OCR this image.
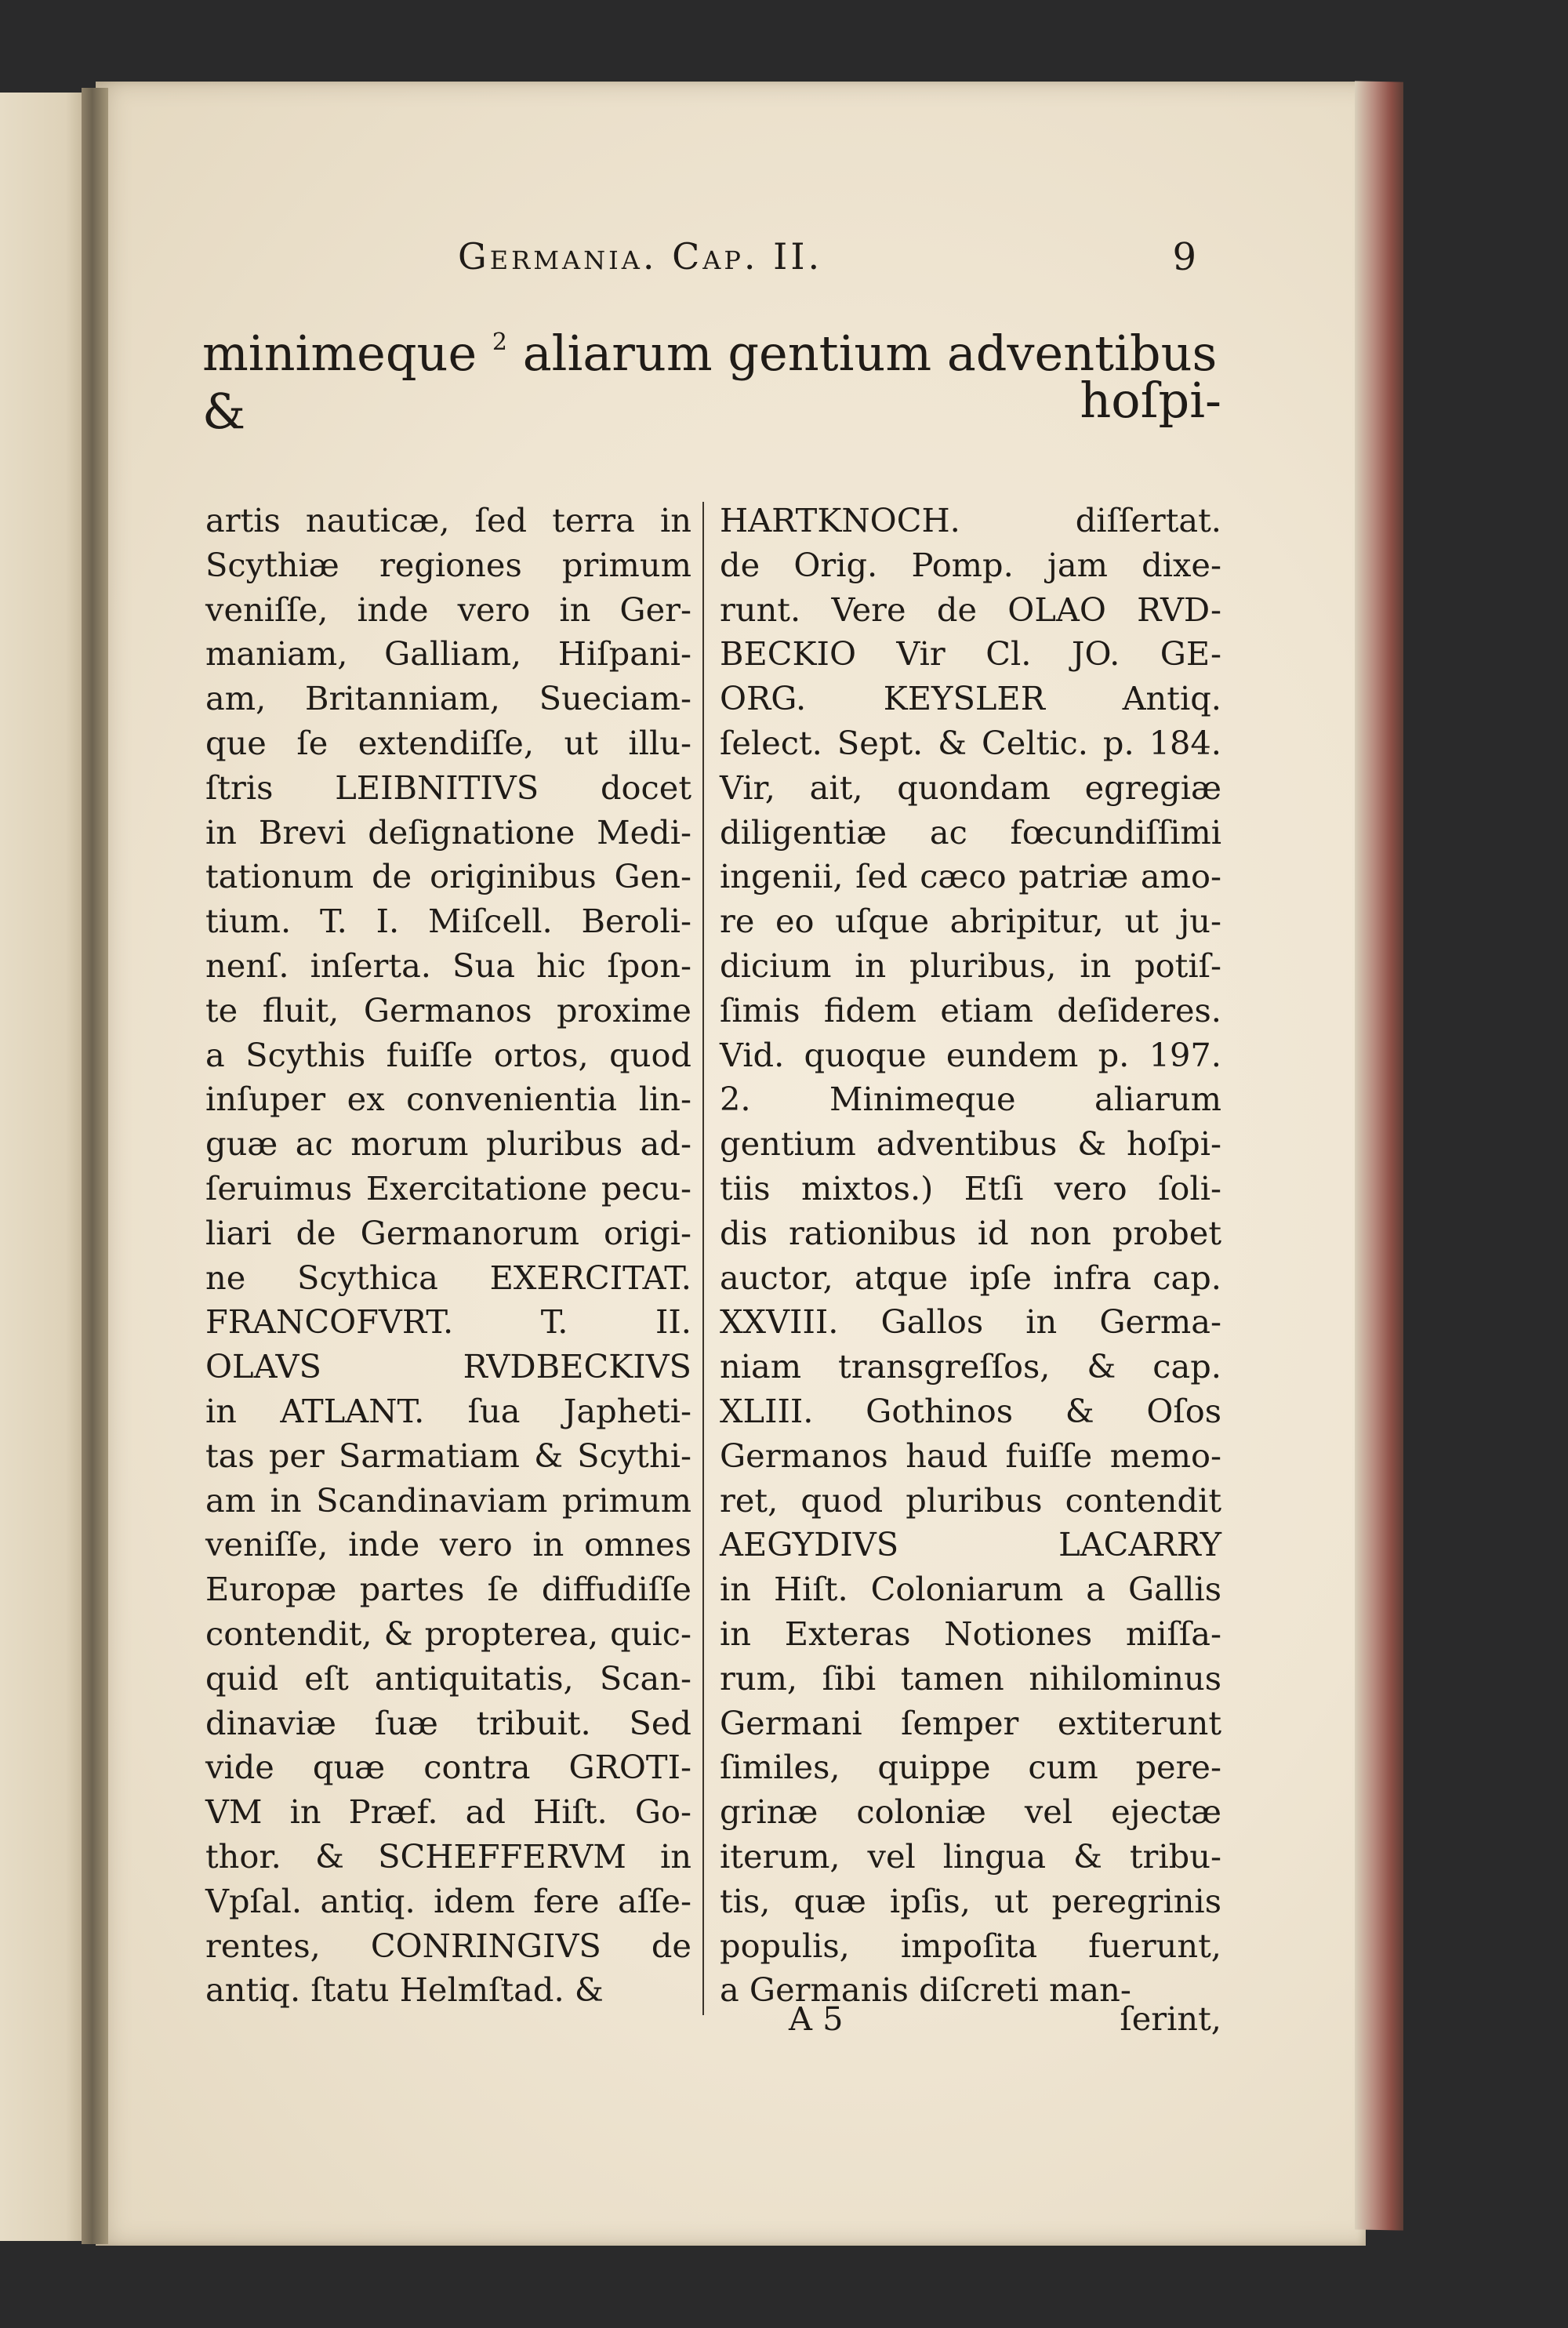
Germania. Cap. II.	9
minimeque $^2$ aliarum gentium adventibus &	hoſpi-
artis nauticæ, ſed terra in
Scythiæ regiones primum
veniſſe, inde vero in Ger-
maniam, Galliam, Hiſpani-
am, Britanniam, Sueciam-
que ſe extendiſſe, ut illu-
ſtris LEIBNITIVS docet
in Brevi deſignatione Medi-
tationum de originibus Gen-
tium. T. I. Miſcell. Beroli-
nenſ. inſerta. Sua hic ſpon-
te fluit, Germanos proxime
a Scythis fuiſſe ortos, quod
inſuper ex convenientia lin-
guæ ac morum pluribus ad-
ſeruimus Exercitatione pecu-
liari de Germanorum origi-
ne Scythica EXERCITAT.
FRANCOFVRT. T. II.
OLAVS RVDBECKIVS
in ATLANT. ſua Japheti-
tas per Sarmatiam & Scythi-
am in Scandinaviam primum
veniſſe, inde vero in omnes
Europæ partes ſe diffudiſſe
contendit, & propterea, quic-
quid eſt antiquitatis, Scan-
dinaviæ ſuæ tribuit. Sed
vide quæ contra GROTI-
VM in Præf. ad Hiſt. Go-
thor. & SCHEFFERVM in
Vpſal. antiq. idem fere aſſe-
rentes, CONRINGIVS de
antiq. ſtatu Helmſtad. &
HARTKNOCH. diſſertat.
de Orig. Pomp. jam dixe-
runt. Vere de OLAO RVD-
BECKIO Vir Cl. JO. GE-
ORG. KEYSLER Antiq.
ſelect. Sept. & Celtic. p. 184.
Vir, ait, quondam egregiæ
diligentiæ ac fœcundiſſimi
ingenii, ſed cæco patriæ amo-
re eo uſque abripitur, ut ju-
dicium in pluribus, in potiſ-
ſimis fidem etiam deſideres.
Vid. quoque eundem p. 197.
2. Minimeque aliarum
gentium adventibus & hoſpi-
tiis mixtos.) Etſi vero ſoli-
dis rationibus id non probet
auctor, atque ipſe infra cap.
XXVIII. Gallos in Germa-
niam transgreſſos, & cap.
XLIII. Gothinos & Oſos
Germanos haud fuiſſe memo-
ret, quod pluribus contendit
AEGYDIVS LACARRY
in Hiſt. Coloniarum a Gallis
in Exteras Notiones miſſa-
rum, ſibi tamen nihilominus
Germani ſemper extiterunt
ſimiles, quippe cum pere-
grinæ coloniæ vel ejectæ
iterum, vel lingua & tribu-
tis, quæ ipſis, ut peregrinis
populis, impoſita fuerunt,
a Germanis diſcreti man-
A 5	ſerint,
